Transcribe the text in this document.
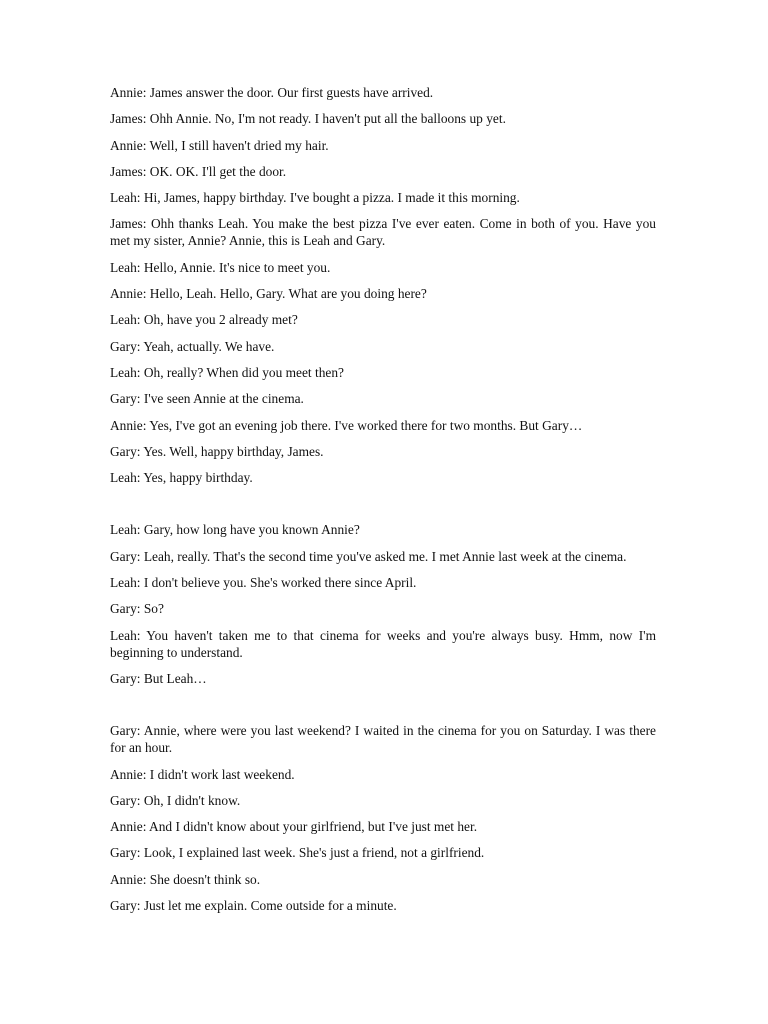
Annie: James answer the door. Our first guests have arrived.

James: Ohh Annie. No, I'm not ready. I haven't put all the balloons up yet.

Annie: Well, I still haven't dried my hair.

James: OK. OK. I'll get the door.

Leah: Hi, James, happy birthday. I've bought a pizza. I made it this morning.

James: Ohh thanks Leah. You make the best pizza I've ever eaten. Come in both of you. Have you met my sister, Annie? Annie, this is Leah and Gary.

Leah: Hello, Annie. It's nice to meet you.

Annie: Hello, Leah. Hello, Gary. What are you doing here?

Leah: Oh, have you 2 already met?

Gary: Yeah, actually. We have.

Leah: Oh, really? When did you meet then?

Gary: I've seen Annie at the cinema.

Annie: Yes, I've got an evening job there. I've worked there for two months. But Gary…

Gary: Yes. Well, happy birthday, James.

Leah: Yes, happy birthday.

Leah: Gary, how long have you known Annie?

Gary: Leah, really. That's the second time you've asked me. I met Annie last week at the cinema.

Leah: I don't believe you. She's worked there since April.

Gary: So?

Leah: You haven't taken me to that cinema for weeks and you're always busy. Hmm, now I'm beginning to understand.

Gary: But Leah…

Gary: Annie, where were you last weekend? I waited in the cinema for you on Saturday. I was there for an hour.

Annie: I didn't work last weekend.

Gary: Oh, I didn't know.

Annie: And I didn't know about your girlfriend, but I've just met her.

Gary: Look, I explained last week. She's just a friend, not a girlfriend.

Annie: She doesn't think so.

Gary: Just let me explain. Come outside for a minute.
